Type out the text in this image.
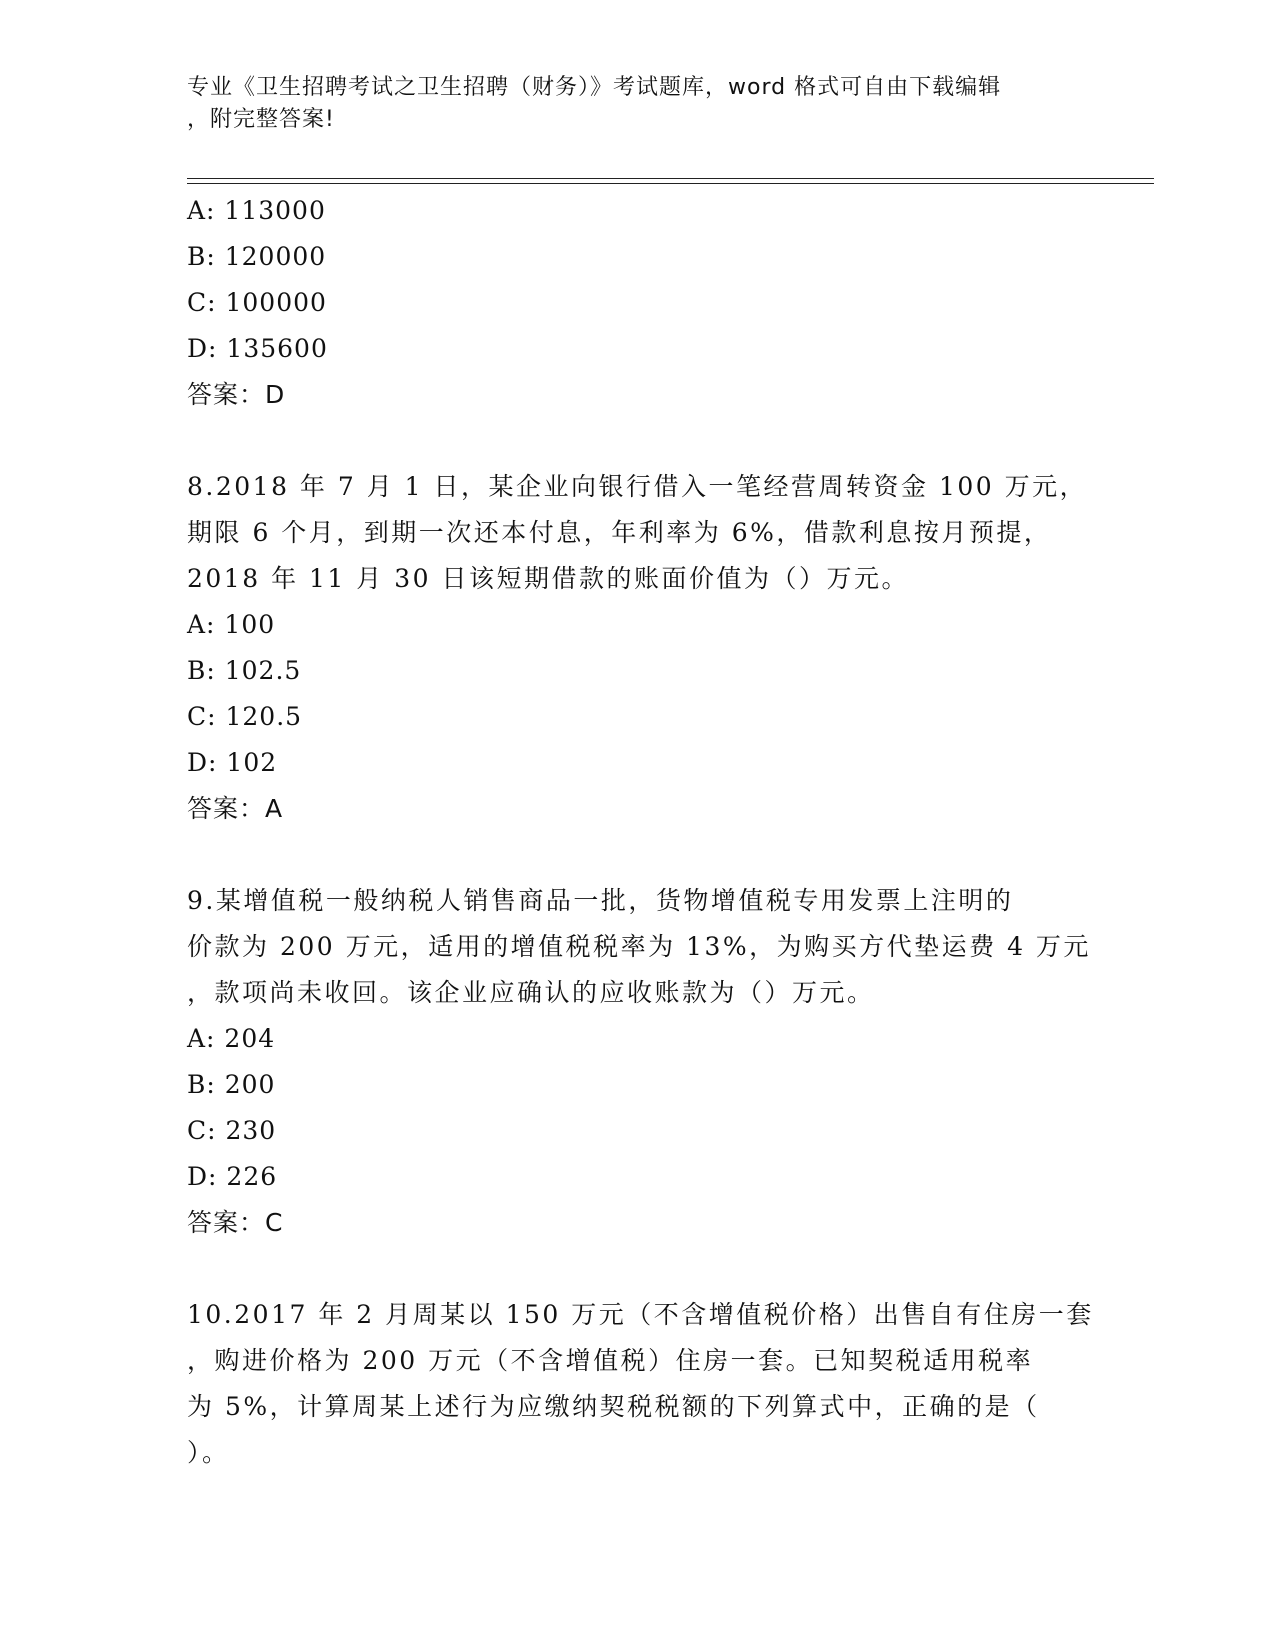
专业《卫生招聘考试之卫生招聘（财务）》考试题库，word 格式可自由下载编辑
，附完整答案!
A: 113000
B: 120000
C: 100000
D: 135600
答案：D
8.2018 年 7 月 1 日，某企业向银行借入一笔经营周转资金 100 万元，
期限 6 个月，到期一次还本付息，年利率为 6%，借款利息按月预提，
2018 年 11 月 30 日该短期借款的账面价值为（）万元。
A: 100
B: 102.5
C: 120.5
D: 102
答案：A
9.某增值税一般纳税人销售商品一批，货物增值税专用发票上注明的
价款为 200 万元，适用的增值税税率为 13%，为购买方代垫运费 4 万元
，款项尚未收回。该企业应确认的应收账款为（）万元。
A: 204
B: 200
C: 230
D: 226
答案：C
10.2017 年 2 月周某以 150 万元（不含增值税价格）出售自有住房一套
，购进价格为 200 万元（不含增值税）住房一套。已知契税适用税率
为 5%，计算周某上述行为应缴纳契税税额的下列算式中，正确的是（
）。
